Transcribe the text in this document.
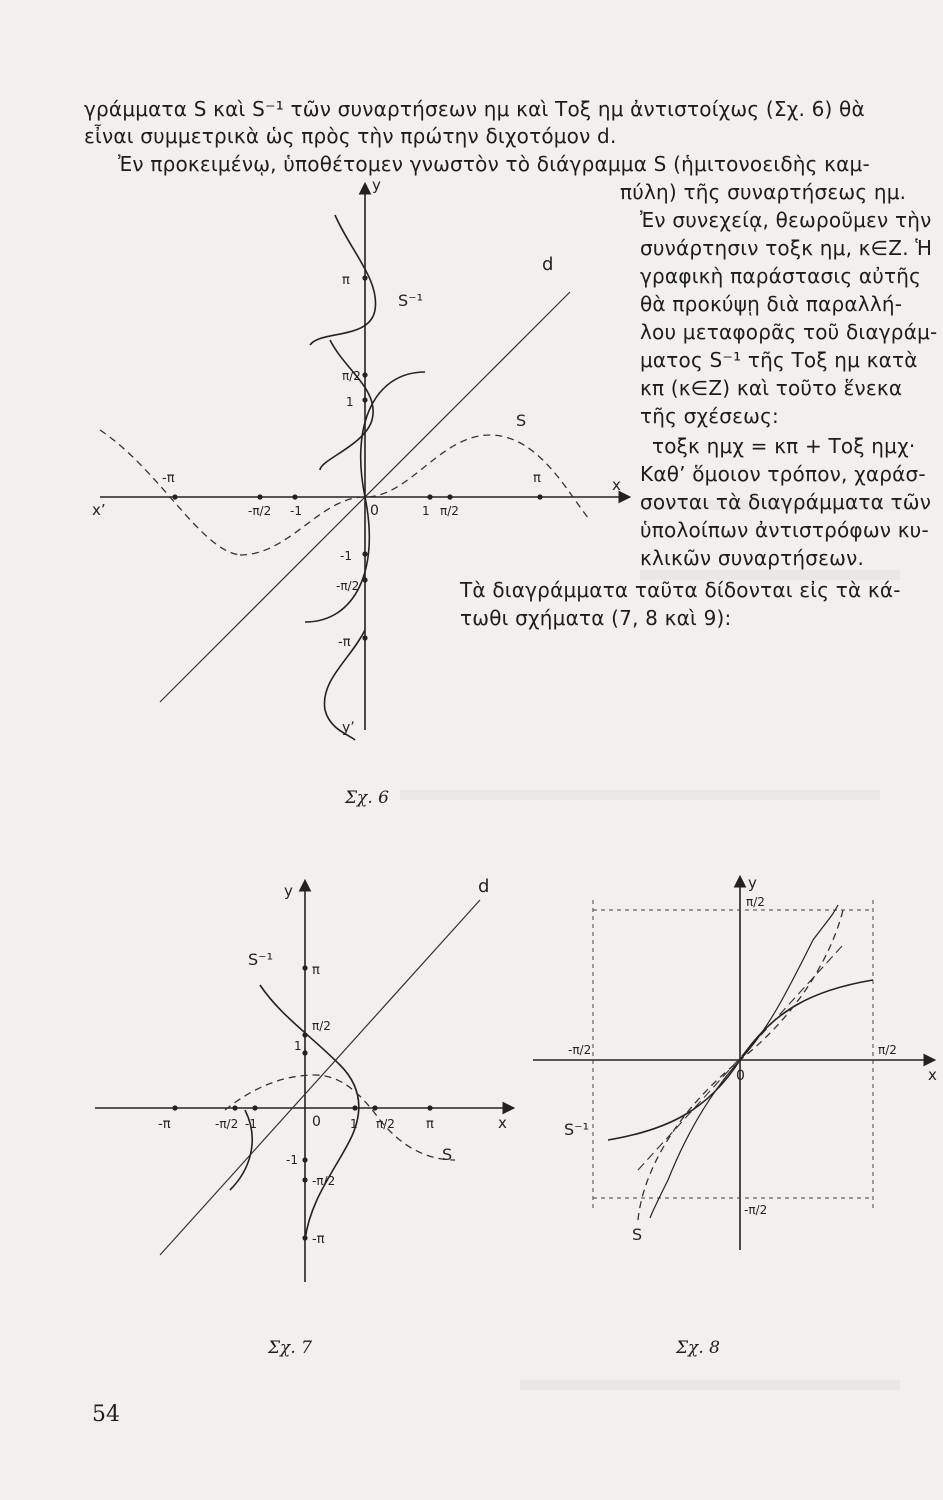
γράμματα S καὶ S⁻¹ τῶν συναρτήσεων ημ καὶ Τοξ ημ ἀντιστοίχως (Σχ. 6) θὰ
εἶναι συμμετρικὰ ὡς πρὸς τὴν πρώτην διχοτόμον d.
Ἐν προκειμένῳ, ὑποθέτομεν γνωστὸν τὸ διάγραμμα S (ἡμιτονοειδὴς καμ-
πύλη) τῆς συναρτήσεως ημ.
Ἐν συνεχείᾳ, θεωροῦμεν τὴν
συνάρτησιν τοξκ ημ, κ∈Z. Ἡ
γραφικὴ παράστασις αὐτῆς
θὰ προκύψῃ διὰ παραλλή-
λου μεταφορᾶς τοῦ διαγράμ-
ματος S⁻¹ τῆς Τοξ ημ κατὰ
κπ (κ∈Z) καὶ τοῦτο ἕνεκα
τῆς σχέσεως:
τοξκ ημχ = κπ + Τοξ ημχ·
Καθ’ ὅμοιον τρόπον, χαράσ-
σονται τὰ διαγράμματα τῶν
ὑπολοίπων ἀντιστρόφων κυ-
κλικῶν συναρτήσεων.
Τὰ διαγράμματα ταῦτα δίδονται εἰς τὰ κά-
τωθι σχήματα (7, 8 καὶ 9):
y
y’
x
x’	0
d
S
S⁻¹
π
π/2
1
-1
-π/2
-π
-π
-π/2 -1	1 π/2
π
Σχ. 6
y
x
0
d
S
S⁻¹
π
π/2
1
-1
-π/2
-π
-π	-π/2 -1	1 π/2 π
Σχ. 7
y
x
0
S
S⁻¹
π/2
-π/2
-π/2	π/2
Σχ. 8
54
